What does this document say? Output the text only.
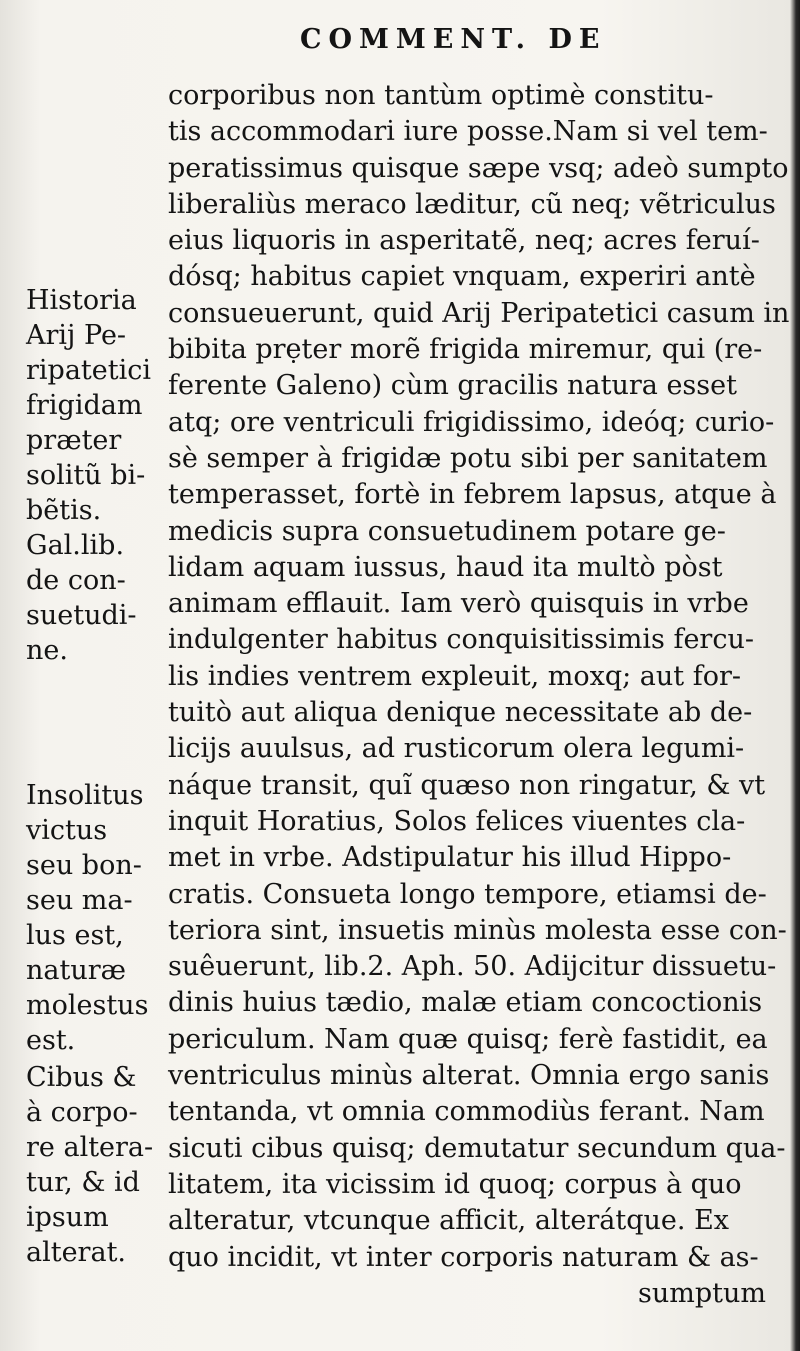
COMMENT. DE
corporibus non tantùm optimè constitu-
tis accommodari iure posse.Nam si vel tem-
peratissimus quisque sæpe vsq; adeò sumpto
liberaliùs meraco læditur, cũ neq; vẽtriculus
eius liquoris in asperitatẽ, neq; acres feruí-
dósq; habitus capiet vnquam, experiri antè
consueuerunt, quid Arij Peripatetici casum in
bibita prẹter morẽ frigida miremur, qui (re-
ferente Galeno) cùm gracilis natura esset
atq; ore ventriculi frigidissimo, ideóq; curio-
sè semper à frigidæ potu sibi per sanitatem
temperasset, fortè in febrem lapsus, atque à
medicis supra consuetudinem potare ge-
lidam aquam iussus, haud ita multò pòst
animam efflauit. Iam verò quisquis in vrbe
indulgenter habitus conquisitissimis fercu-
lis indies ventrem expleuit, moxq; aut for-
tuitò aut aliqua denique necessitate ab de-
licijs auulsus, ad rusticorum olera legumi-
náque transit, quĩ quæso non ringatur, & vt
inquit Horatius, Solos felices viuentes cla-
met in vrbe. Adstipulatur his illud Hippo-
cratis. Consueta longo tempore, etiamsi de-
teriora sint, insuetis minùs molesta esse con-
suêuerunt, lib.2. Aph. 50. Adijcitur dissuetu-
dinis huius tædio, malæ etiam concoctionis
periculum. Nam quæ quisq; ferè fastidit, ea
ventriculus minùs alterat. Omnia ergo sanis
tentanda, vt omnia commodiùs ferant. Nam
sicuti cibus quisq; demutatur secundum qua-
litatem, ita vicissim id quoq; corpus à quo
alteratur, vtcunque afficit, alterátque. Ex
quo incidit, vt inter corporis naturam & as-
sumptum
Historia
Arij Pe-
ripatetici
frigidam
præter
solitũ bi-
bẽtis.
Gal.lib.
de con-
suetudi-
ne.
Insolitus
victus
seu bon-
seu ma-
lus est,
naturæ
molestus
est.
Cibus &
à corpo-
re altera-
tur, & id
ipsum
alterat.
